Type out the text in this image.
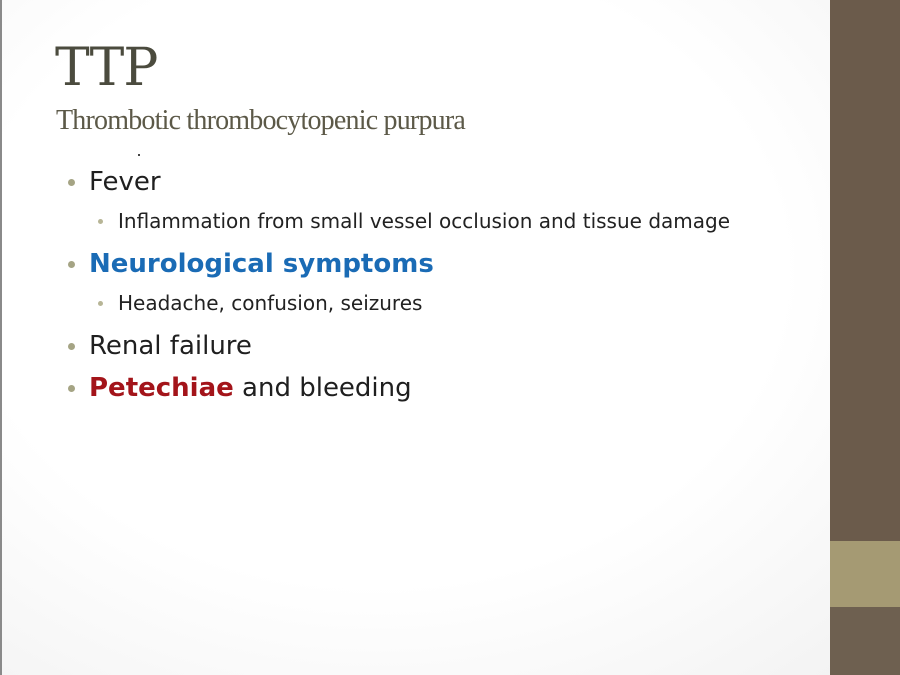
TTP
Thrombotic thrombocytopenic purpura
Fever
Inflammation from small vessel occlusion and tissue damage
Neurological symptoms
Headache, confusion, seizures
Renal failure
Petechiae and bleeding
